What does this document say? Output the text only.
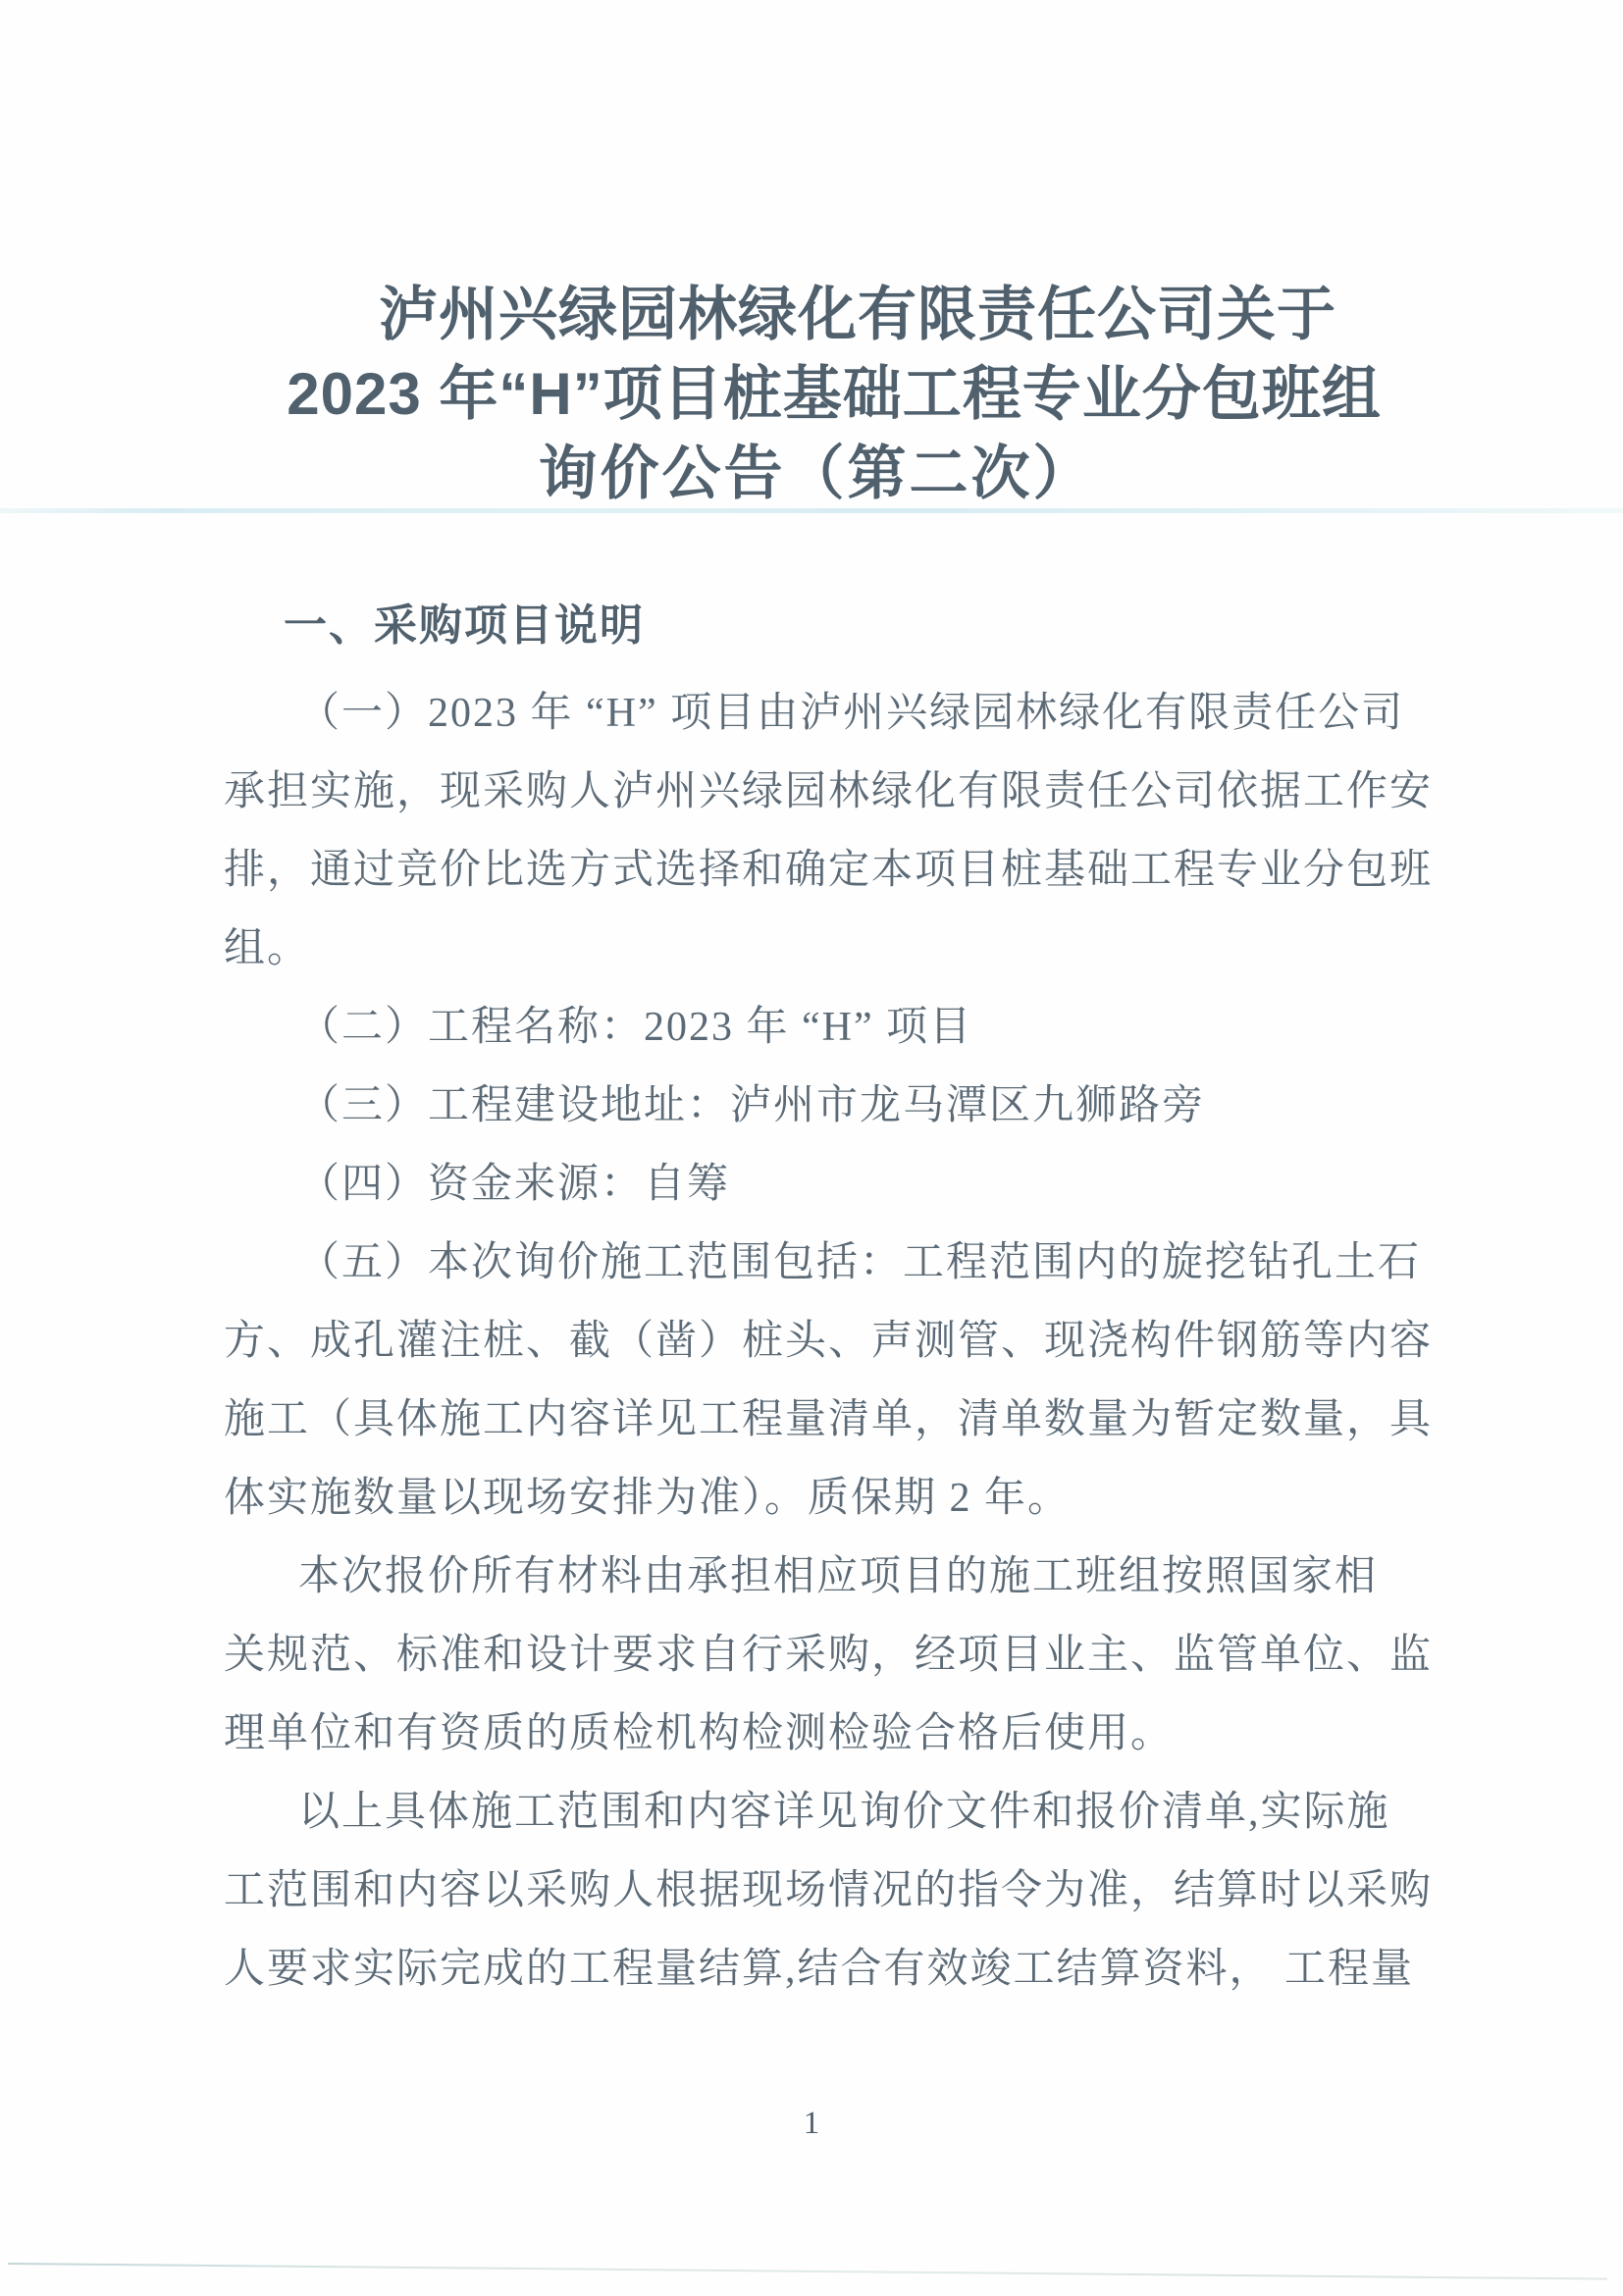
泸州兴绿园林绿化有限责任公司关于
2023 年“H”项目桩基础工程专业分包班组
询价公告（第二次）
一、采购项目说明
（一）2023 年 “H” 项目由泸州兴绿园林绿化有限责任公司
承担实施，现采购人泸州兴绿园林绿化有限责任公司依据工作安
排，通过竞价比选方式选择和确定本项目桩基础工程专业分包班
组。
（二）工程名称：2023 年 “H” 项目
（三）工程建设地址：泸州市龙马潭区九狮路旁
（四）资金来源：自筹
（五）本次询价施工范围包括：工程范围内的旋挖钻孔土石
方、成孔灌注桩、截（凿）桩头、声测管、现浇构件钢筋等内容
施工（具体施工内容详见工程量清单，清单数量为暂定数量，具
体实施数量以现场安排为准）。质保期 2 年。
本次报价所有材料由承担相应项目的施工班组按照国家相
关规范、标准和设计要求自行采购，经项目业主、监管单位、监
理单位和有资质的质检机构检测检验合格后使用。
以上具体施工范围和内容详见询价文件和报价清单,实际施
工范围和内容以采购人根据现场情况的指令为准，结算时以采购
人要求实际完成的工程量结算,结合有效竣工结算资料， 工程量
1
